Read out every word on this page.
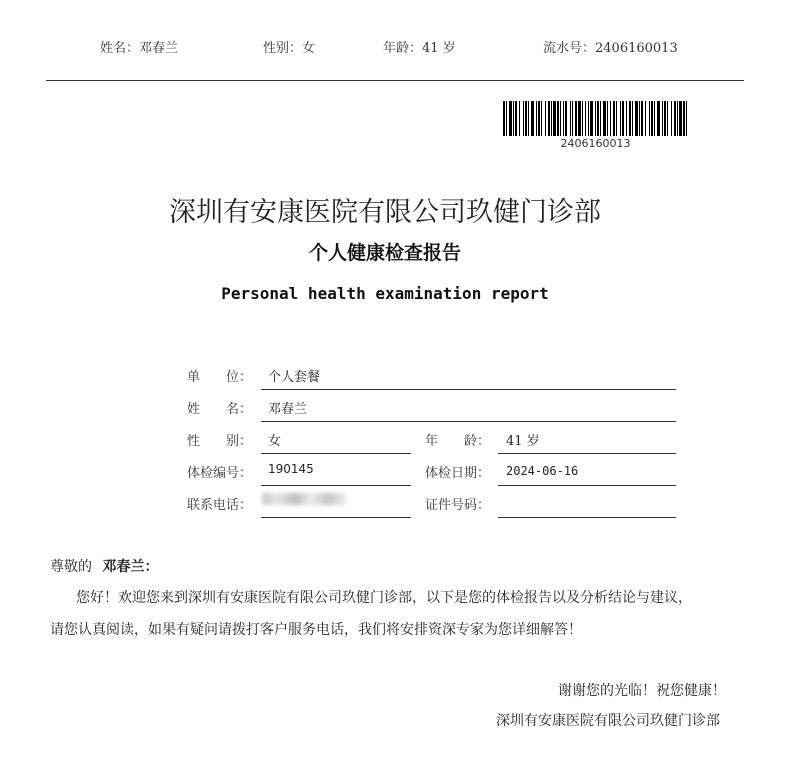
姓名：邓春兰	性别：女	年龄：41 岁	流水号：2406160013
2406160013
深圳有安康医院有限公司玖健门诊部
个人健康检查报告
Personal health examination report
单　　位： 个人套餐
姓　　名： 邓春兰
性　　别： 女	年　　龄： 41 岁
体检编号： 190145	体检日期： 2024-06-16
联系电话：	证件号码：
尊敬的 邓春兰：
您好！欢迎您来到深圳有安康医院有限公司玖健门诊部，以下是您的体检报告以及分析结论与建议，
请您认真阅读，如果有疑问请拨打客户服务电话，我们将安排资深专家为您详细解答！
谢谢您的光临！祝您健康！
深圳有安康医院有限公司玖健门诊部
